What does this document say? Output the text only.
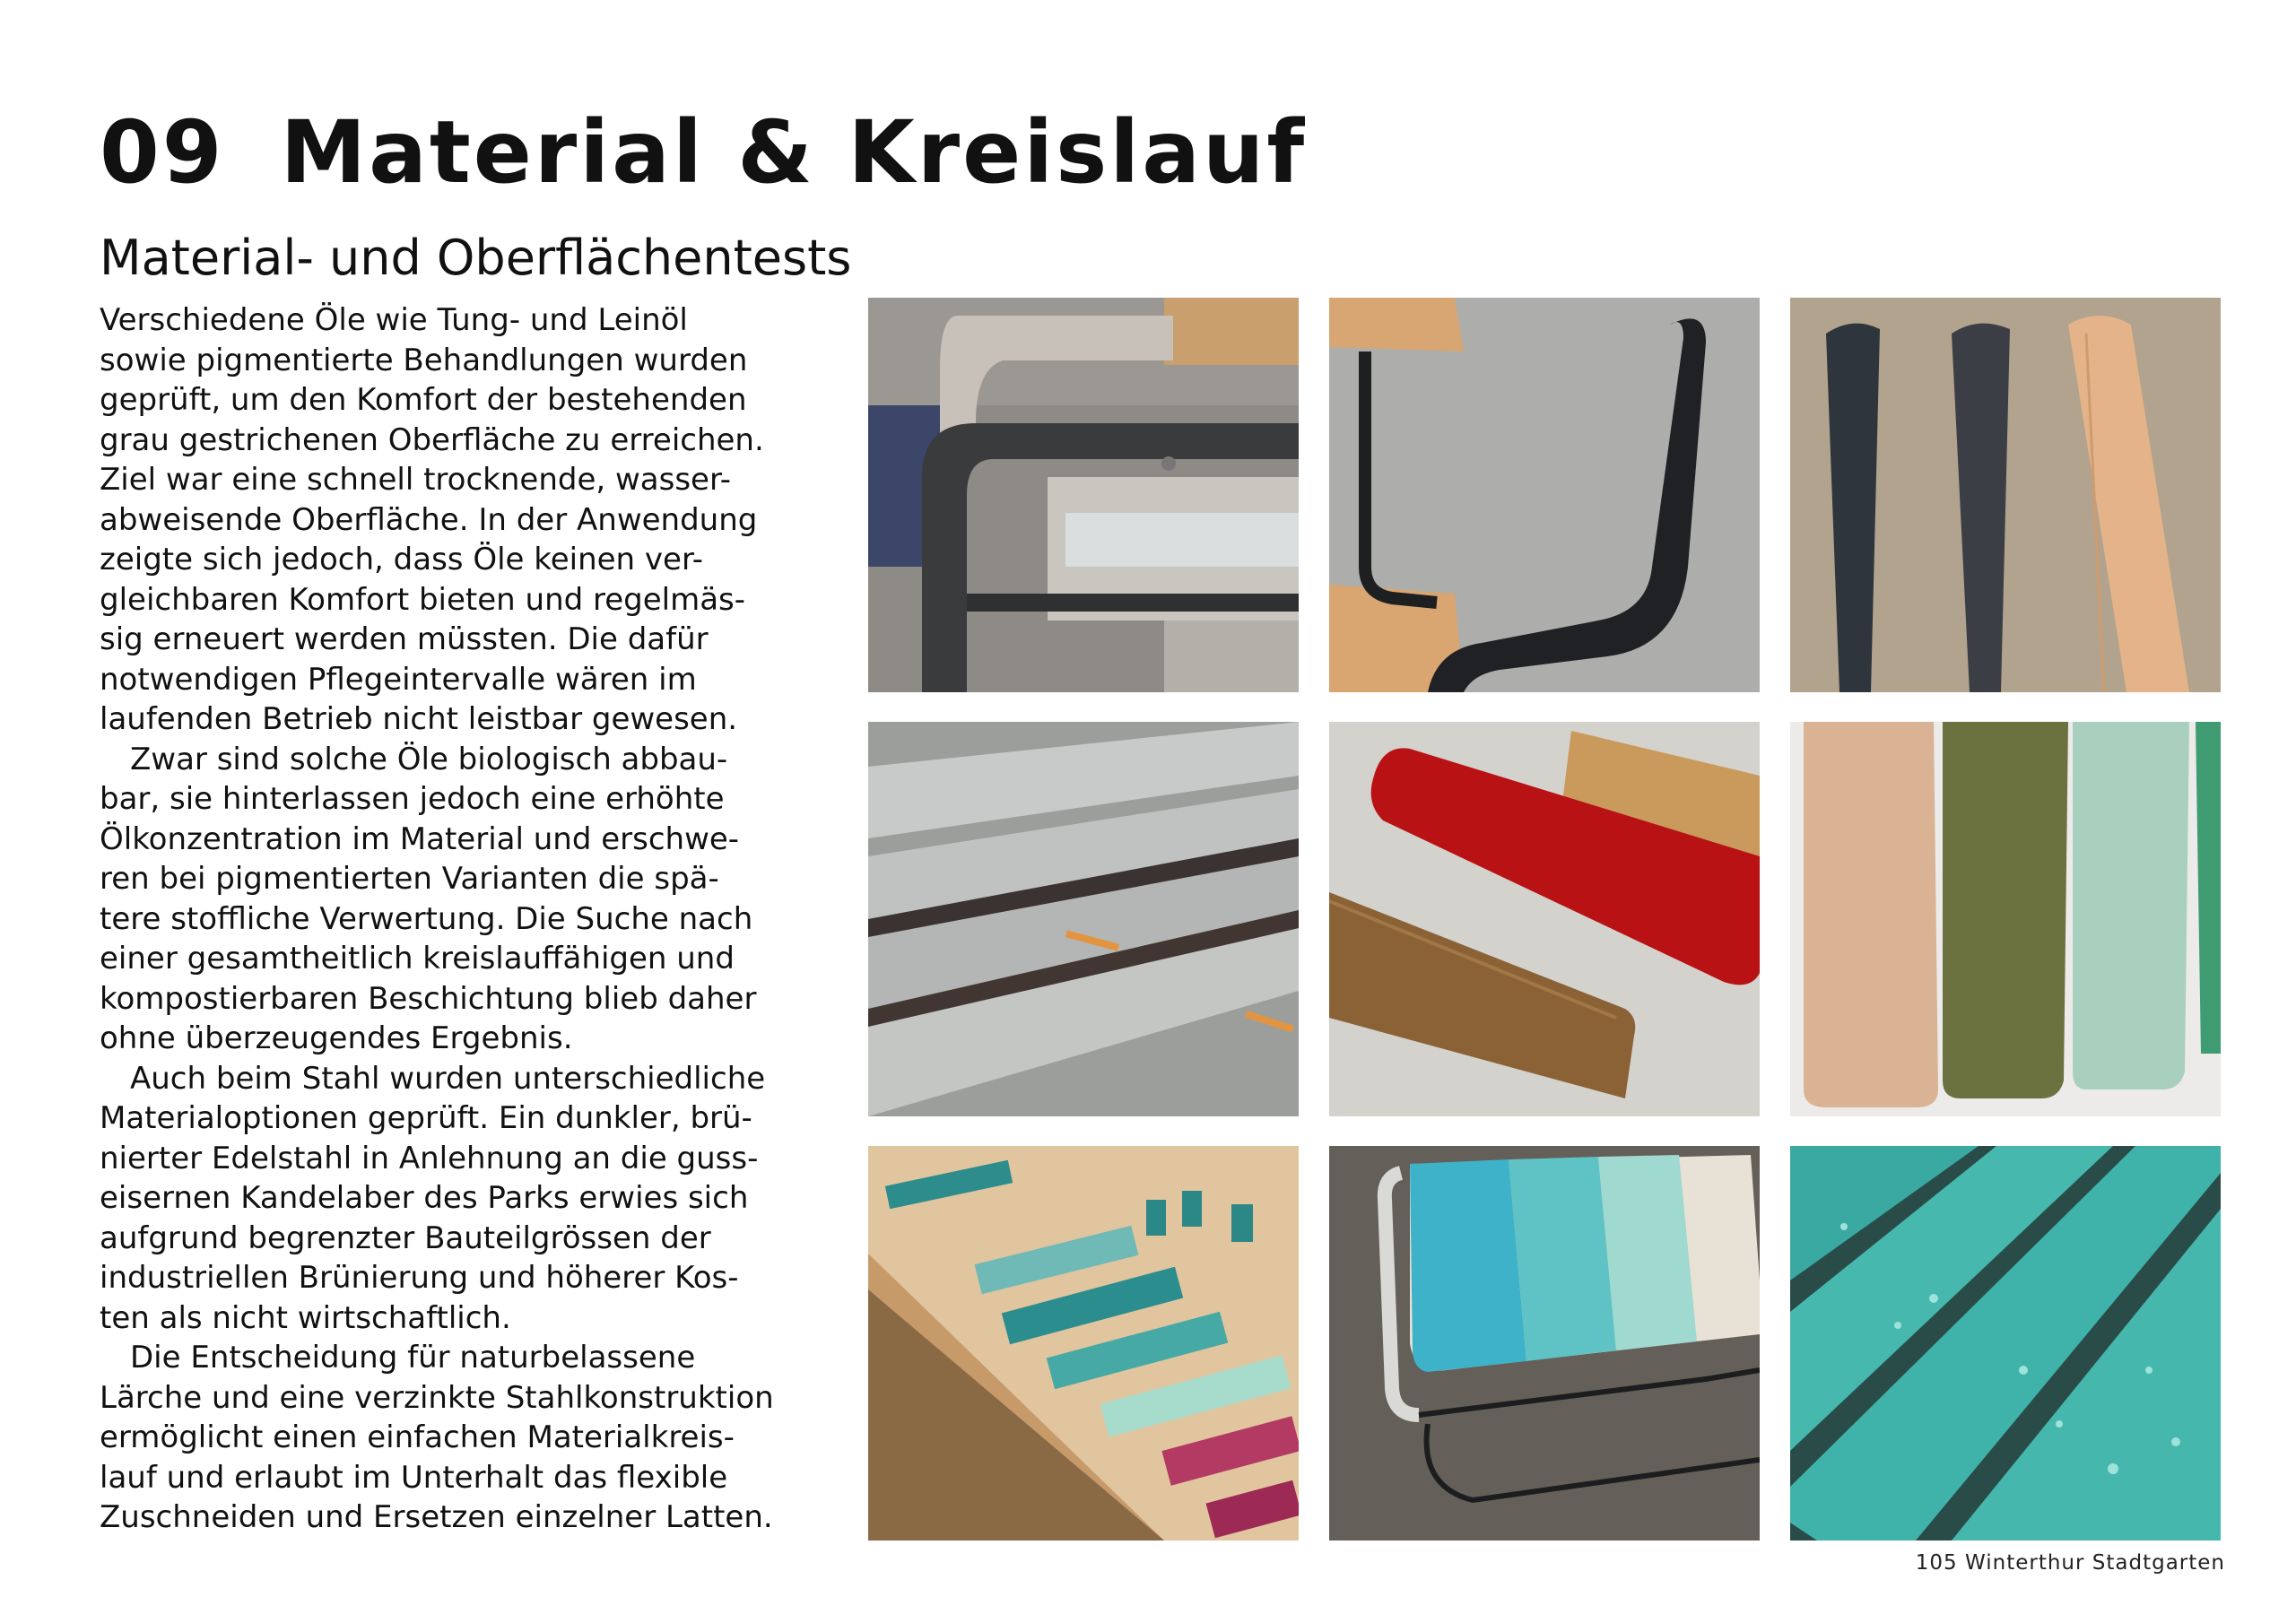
09 Material & Kreislauf
Material- und Oberflächentests

Verschiedene Öle wie Tung- und Leinöl
sowie pigmentierte Behandlungen wurden
geprüft, um den Komfort der bestehenden
grau gestrichenen Oberfläche zu erreichen.
Ziel war eine schnell trocknende, wasser-
abweisende Oberfläche. In der Anwendung
zeigte sich jedoch, dass Öle keinen ver-
gleichbaren Komfort bieten und regelmäs-
sig erneuert werden müssten. Die dafür
notwendigen Pflegeintervalle wären im
laufenden Betrieb nicht leistbar gewesen.

Zwar sind solche Öle biologisch abbau-
bar, sie hinterlassen jedoch eine erhöhte
Ölkonzentration im Material und erschwe-
ren bei pigmentierten Varianten die spä-
tere stoffliche Verwertung. Die Suche nach
einer gesamtheitlich kreislauffähigen und
kompostierbaren Beschichtung blieb daher
ohne überzeugendes Ergebnis.

Auch beim Stahl wurden unterschiedliche
Materialoptionen geprüft. Ein dunkler, brü-
nierter Edelstahl in Anlehnung an die guss-
eisernen Kandelaber des Parks erwies sich
aufgrund begrenzter Bauteilgrössen der
industriellen Brünierung und höherer Kos-
ten als nicht wirtschaftlich.

Die Entscheidung für naturbelassene
Lärche und eine verzinkte Stahlkonstruktion
ermöglicht einen einfachen Materialkreis-
lauf und erlaubt im Unterhalt das flexible
Zuschneiden und Ersetzen einzelner Latten.

105 Winterthur Stadtgarten
